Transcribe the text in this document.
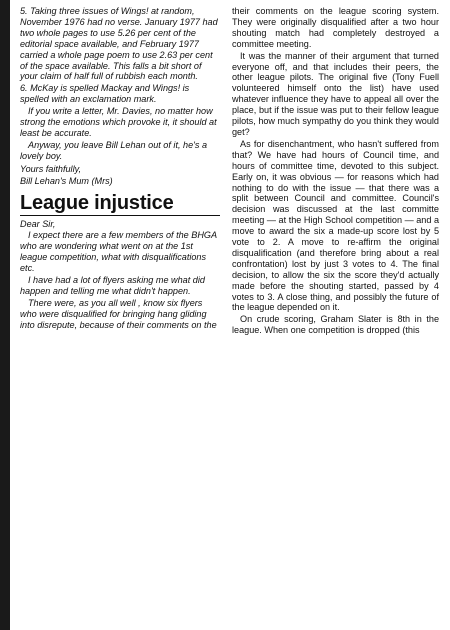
5. Taking three issues of Wings! at random, November 1976 had no verse. January 1977 had two whole pages to use 5.26 per cent of the editorial space available, and February 1977 carried a whole page poem to use 2.63 per cent of the space available. This falls a bit short of your claim of half full of rubbish each month.

6. McKay is spelled Mackay and Wings! is spelled with an exclamation mark.

If you write a letter, Mr. Davies, no matter how strong the emotions which provoke it, it should at least be accurate.

Anyway, you leave Bill Lehan out of it, he's a lovely boy.

Yours faithfully,

Bill Lehan's Mum (Mrs)

League injustice

Dear Sir,

I expect there are a few members of the BHGA who are wondering what went on at the 1st league competition, what with disqualifications etc.

I have had a lot of flyers asking me what did happen and telling me what didn't happen.

There were, as you all well , know six flyers who were disqualified for bringing hang gliding into disrepute, because of their comments on the

their comments on the league scoring system. They were originally disqualified after a two hour shouting match had completely destroyed a committee meeting.

It was the manner of their argument that turned everyone off, and that includes their peers, the other league pilots. The original five (Tony Fuell volunteered himself onto the list) have used whatever influence they have to appeal all over the place, but if the issue was put to their fellow league pilots, how much sympathy do you think they would get?

As for disenchantment, who hasn't suffered from that? We have had hours of Council time, and hours of committee time, devoted to this subject. Early on, it was obvious — for reasons which had nothing to do with the issue — that there was a split between Council and committee. Council's decision was discussed at the last committe meeting — at the High School competition — and a move to award the six a made-up score lost by 5 vote to 2. A move to re-affirm the original disqualification (and therefore bring about a real confrontation) lost by just 3 votes to 4. The final decision, to allow the six the score they'd actually made before the shouting started, passed by 4 votes to 3. A close thing, and possibly the future of the league depended on it.

On crude scoring, Graham Slater is 8th in the league. When one competition is dropped (this
